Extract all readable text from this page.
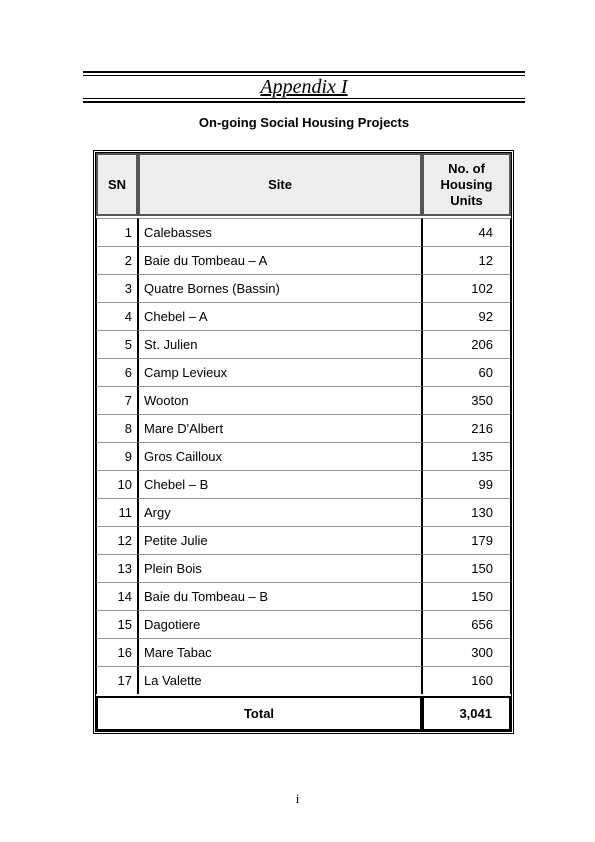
Appendix I
On-going Social Housing Projects
SN	Site	No. of
Housing
Units

1	Calebasses	44
2	Baie du Tombeau – A	12
3	Quatre Bornes (Bassin)	102
4	Chebel – A	92
5	St. Julien	206
6	Camp Levieux	60
7	Wooton	350
8	Mare D'Albert	216
9	Gros Cailloux	135
10	Chebel – B	99
11	Argy	130
12	Petite Julie	179
13	Plein Bois	150
14	Baie du Tombeau – B	150
15	Dagotiere	656
16	Mare Tabac	300
17	La Valette	160

Total		3,041
i
